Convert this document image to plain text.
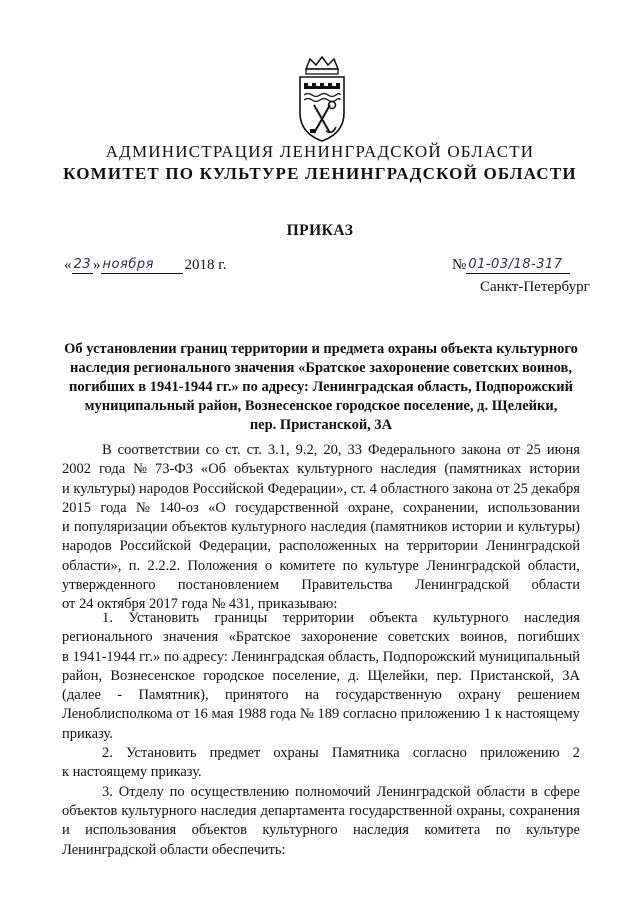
АДМИНИСТРАЦИЯ ЛЕНИНГРАДСКОЙ ОБЛАСТИ
КОМИТЕТ ПО КУЛЬТУРЕ ЛЕНИНГРАДСКОЙ ОБЛАСТИ
ПРИКАЗ
« 23 » ноября	2018 г.	№ 01-03/18-317
Санкт-Петербург
Об установлении границ территории и предмета охраны объекта культурного
наследия регионального значения «Братское захоронение советских воинов,
погибших в 1941-1944 гг.» по адресу: Ленинградская область, Подпорожский
муниципальный район, Вознесенское городское поселение, д. Щелейки,
пер. Пристанской, 3А
В соответствии со ст. ст. 3.1, 9.2, 20, 33 Федерального закона от 25 июня
2002 года № 73-ФЗ «Об объектах культурного наследия (памятниках истории
и культуры) народов Российской Федерации», ст. 4 областного закона от 25 декабря
2015 года № 140-оз «О государственной охране, сохранении, использовании
и популяризации объектов культурного наследия (памятников истории и культуры)
народов Российской Федерации, расположенных на территории Ленинградской
области», п. 2.2.2. Положения о комитете по культуре Ленинградской области,
утвержденного постановлением Правительства Ленинградской области
от 24 октября 2017 года № 431, приказываю:
1. Установить границы территории объекта культурного наследия
регионального значения «Братское захоронение советских воинов, погибших
в 1941-1944 гг.» по адресу: Ленинградская область, Подпорожский муниципальный
район, Вознесенское городское поселение, д. Щелейки, пер. Пристанской, 3А
(далее - Памятник), принятого на государственную охрану решением
Леноблисполкома от 16 мая 1988 года № 189 согласно приложению 1 к настоящему
приказу.
2. Установить предмет охраны Памятника согласно приложению 2
к настоящему приказу.
3. Отделу по осуществлению полномочий Ленинградской области в сфере
объектов культурного наследия департамента государственной охраны, сохранения
и использования объектов культурного наследия комитета по культуре
Ленинградской области обеспечить:
